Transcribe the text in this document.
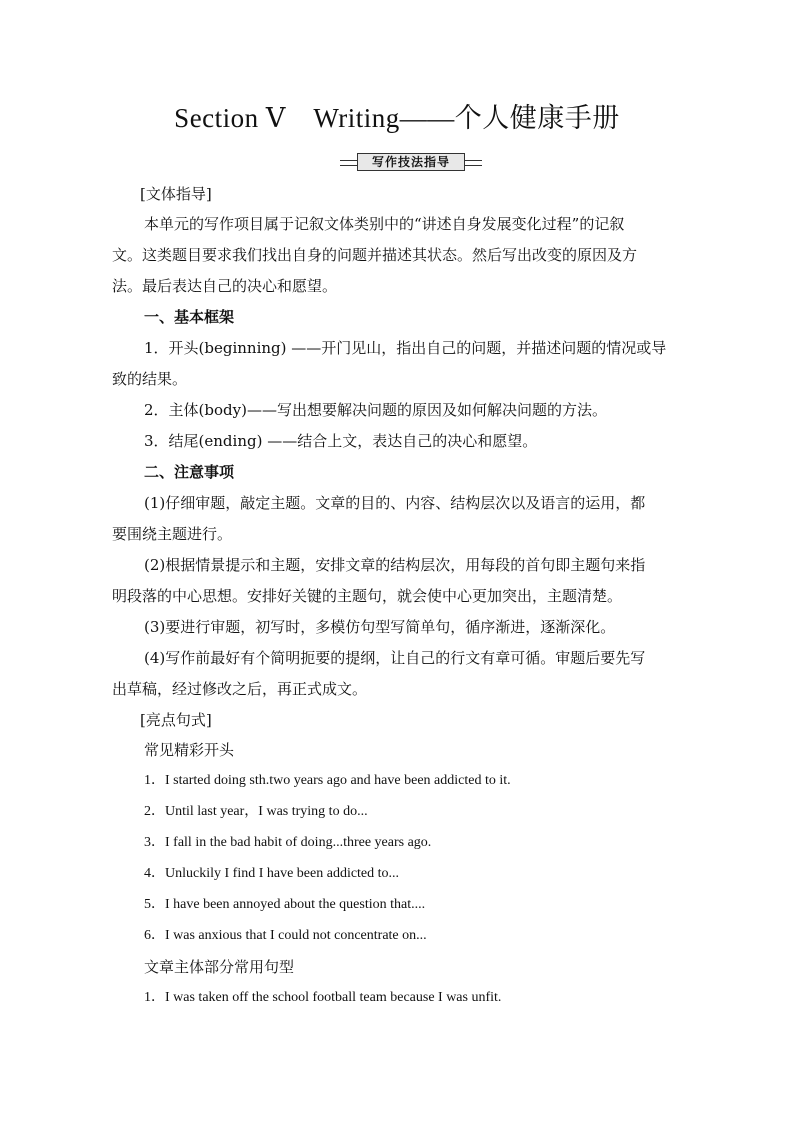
Section Ⅴ　Writing——个人健康手册
写作技法指导
[文体指导]
本单元的写作项目属于记叙文体类别中的“讲述自身发展变化过程”的记叙
文。这类题目要求我们找出自身的问题并描述其状态。然后写出改变的原因及方
法。最后表达自己的决心和愿望。
一、基本框架
1．开头(beginning) ——开门见山，指出自己的问题，并描述问题的情况或导
致的结果。
2．主体(body)——写出想要解决问题的原因及如何解决问题的方法。
3．结尾(ending) ——结合上文，表达自己的决心和愿望。
二、注意事项
(1)仔细审题，敲定主题。文章的目的、内容、结构层次以及语言的运用，都
要围绕主题进行。
(2)根据情景提示和主题，安排文章的结构层次，用每段的首句即主题句来指
明段落的中心思想。安排好关键的主题句，就会使中心更加突出，主题清楚。
(3)要进行审题，初写时，多模仿句型写简单句，循序渐进，逐渐深化。
(4)写作前最好有个简明扼要的提纲，让自己的行文有章可循。审题后要先写
出草稿，经过修改之后，再正式成文。
[亮点句式]
常见精彩开头
1．I started doing sth.two years ago and have been addicted to it.
2．Until last year，I was trying to do...
3．I fall in the bad habit of doing...three years ago.
4．Unluckily I find I have been addicted to...
5．I have been annoyed about the question that....
6．I was anxious that I could not concentrate on...
文章主体部分常用句型
1．I was taken off the school football team because I was unfit.
